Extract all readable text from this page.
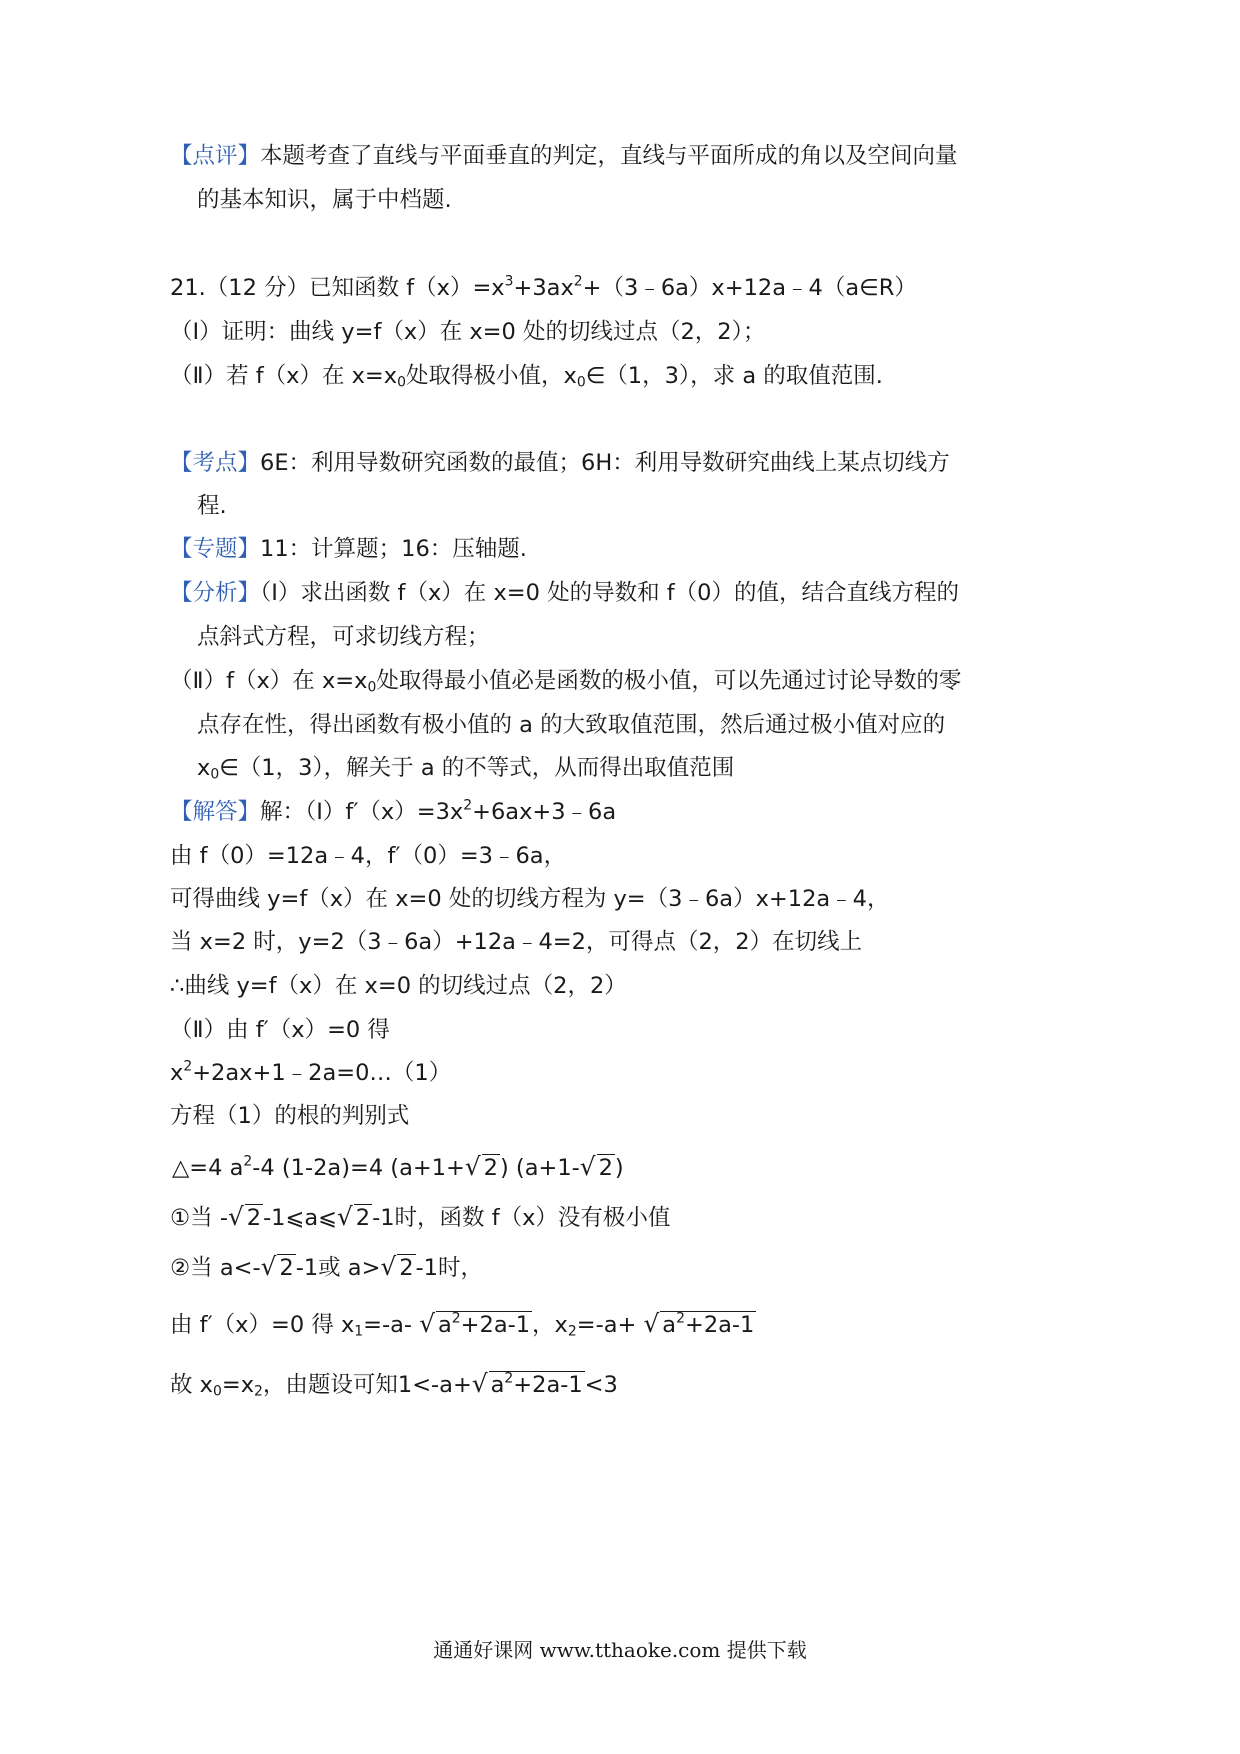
【点评】本题考查了直线与平面垂直的判定，直线与平面所成的角以及空间向量
的基本知识，属于中档题.
21.（12 分）已知函数 $f(x)=x^3+3ax^2+(3﹣6a)x+12a﹣4(a\in R)$
（Ⅰ）证明：曲线 y=f（x）在 x=0 处的切线过点（2，2）；
（Ⅱ）若 f（x）在 $x=x_0$处取得极小值，$x_0\in(1$，3），求 a 的取值范围.
【考点】6E：利用导数研究函数的最值；6H：利用导数研究曲线上某点切线方
程.
【专题】11：计算题；16：压轴题.
【分析】（Ⅰ）求出函数 f（x）在 x=0 处的导数和 f（0）的值，结合直线方程的
点斜式方程，可求切线方程；
（Ⅱ）f（x）在 $x=x_0$处取得最小值必是函数的极小值，可以先通过讨论导数的零
点存在性，得出函数有极小值的 a 的大致取值范围，然后通过极小值对应的
$x_0\in(1$，3），解关于 a 的不等式，从而得出取值范围
【解答】解：$(Ⅰ)f'(x)=3x^2+6ax+3﹣6a$
由 f（0）=12a﹣4，f′（0）=3﹣6a，
可得曲线 y=f（x）在 x=0 处的切线方程为 y=（3﹣6a）x+12a﹣4，
当 x=2 时，y=2（3﹣6a）+12a﹣4=2，可得点（2，2）在切线上
∴曲线 y=f（x）在 x=0 的切线过点（2，2）
（Ⅱ）由 f′（x）=0 得
$x^2+2ax+1﹣2a=0\dots(1)$
方程（1）的根的判别式
△=4 $a^2-4$ (1-2a)=4 (a+1+√ 2) (a+1-√ 2)
①当 -√ 2-1⩽a⩽√ 2-1时，函数 f（x）没有极小值
②当 a<-√ 2-1或 a>√ 2-1时，
由 f′（x）=0 得 $x_1=-a-$ √ $a^2+2a-1$，$x_2=-a+$ √ $a^2+2a-1$
故 $x_0=x_2$，由题设可知1<-a+√ $a^2+2a-1<3$
通通好课网 www.tthaoke.com 提供下载
